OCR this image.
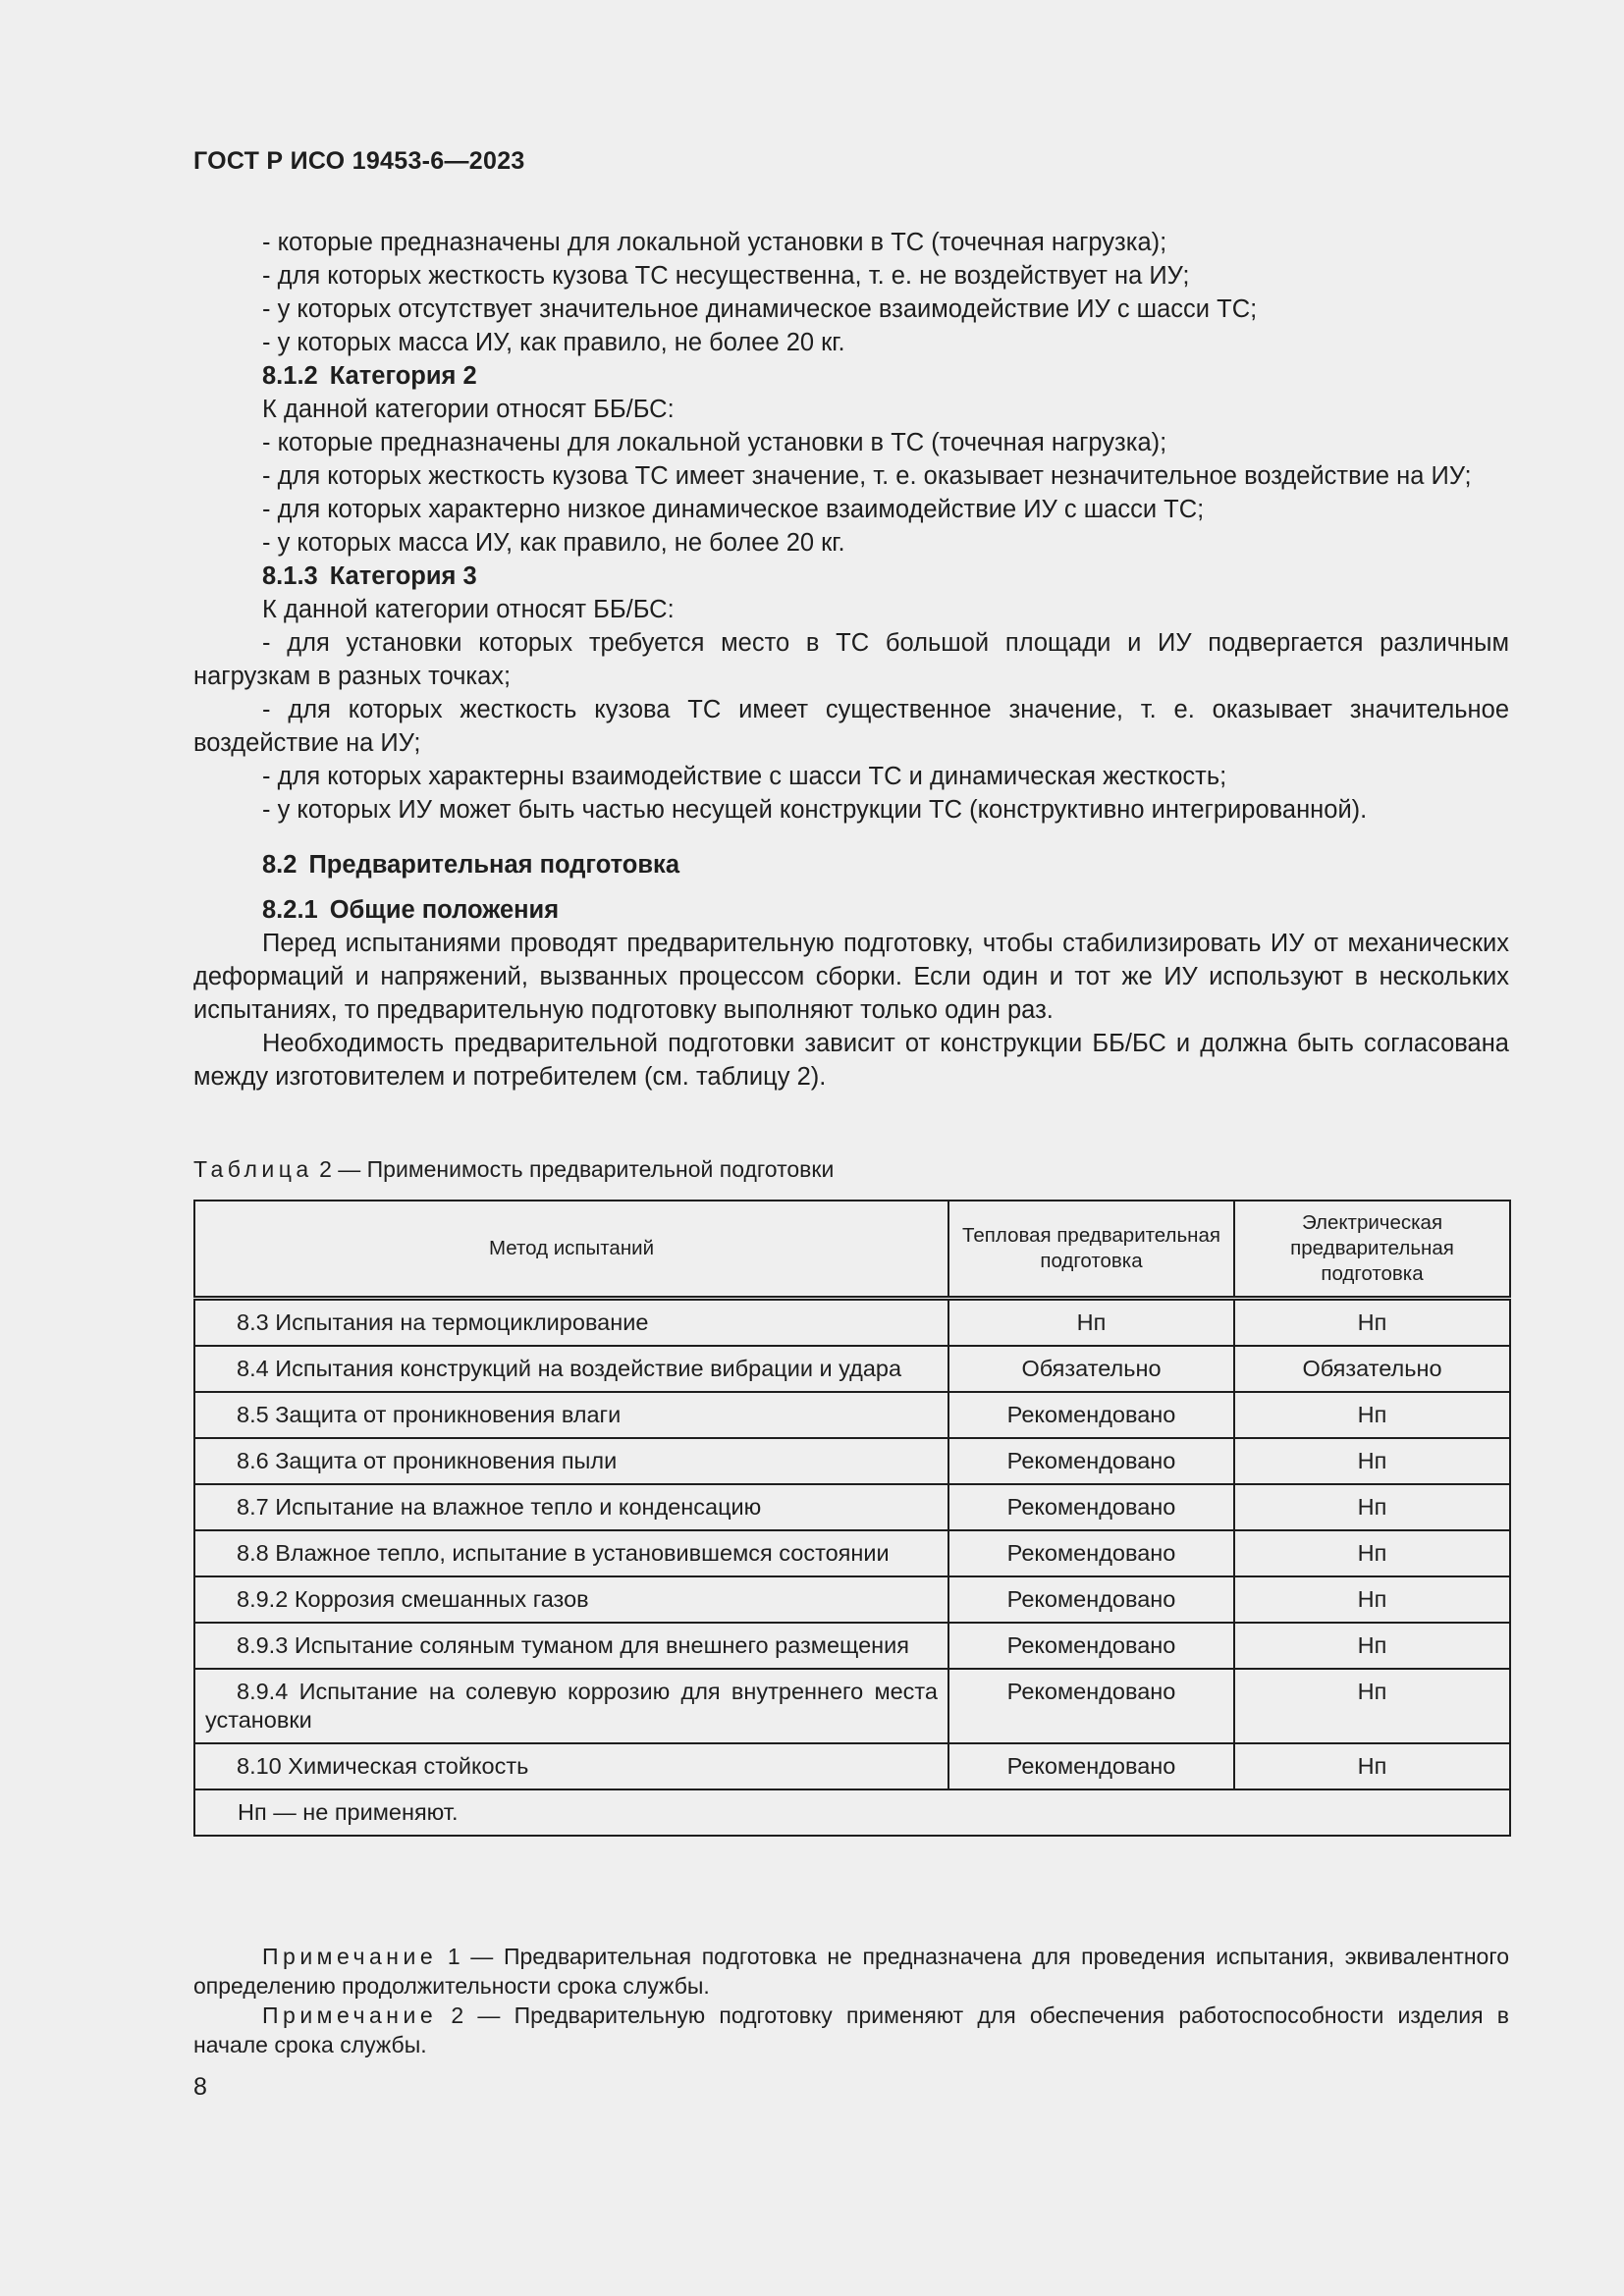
ГОСТ Р ИСО 19453-6—2023

- которые предназначены для локальной установки в ТС (точечная нагрузка);

- для которых жесткость кузова ТС несущественна, т. е. не воздействует на ИУ;

- у которых отсутствует значительное динамическое взаимодействие ИУ с шасси ТС;

- у которых масса ИУ, как правило, не более 20 кг.

8.1.2 Категория 2

К данной категории относят ББ/БС:

- которые предназначены для локальной установки в ТС (точечная нагрузка);

- для которых жесткость кузова ТС имеет значение, т. е. оказывает незначительное воздействие на ИУ;

- для которых характерно низкое динамическое взаимодействие ИУ с шасси ТС;

- у которых масса ИУ, как правило, не более 20 кг.

8.1.3 Категория 3

К данной категории относят ББ/БС:

- для установки которых требуется место в ТС большой площади и ИУ подвергается различным нагрузкам в разных точках;

- для которых жесткость кузова ТС имеет существенное значение, т. е. оказывает значительное воздействие на ИУ;

- для которых характерны взаимодействие с шасси ТС и динамическая жесткость;

- у которых ИУ может быть частью несущей конструкции ТС (конструктивно интегрированной).

8.2 Предварительная подготовка

8.2.1 Общие положения

Перед испытаниями проводят предварительную подготовку, чтобы стабилизировать ИУ от механических деформаций и напряжений, вызванных процессом сборки. Если один и тот же ИУ используют в нескольких испытаниях, то предварительную подготовку выполняют только один раз.

Необходимость предварительной подготовки зависит от конструкции ББ/БС и должна быть согласована между изготовителем и потребителем (см. таблицу 2).

Таблица 2 — Применимость предварительной подготовки
Метод испытаний	Тепловая предварительная подготовка	Электрическая предварительная подготовка
8.3 Испытания на термоциклирование	Нп	Нп
8.4 Испытания конструкций на воздействие вибрации и удара	Обязательно	Обязательно
8.5 Защита от проникновения влаги	Рекомендовано	Нп
8.6 Защита от проникновения пыли	Рекомендовано	Нп
8.7 Испытание на влажное тепло и конденсацию	Рекомендовано	Нп
8.8 Влажное тепло, испытание в установившемся состоянии	Рекомендовано	Нп
8.9.2 Коррозия смешанных газов	Рекомендовано	Нп
8.9.3 Испытание соляным туманом для внешнего размещения	Рекомендовано	Нп
8.9.4 Испытание на солевую коррозию для внутреннего места установки	Рекомендовано	Нп
8.10 Химическая стойкость	Рекомендовано	Нп
Нп — не применяют.		

Примечание 1 — Предварительная подготовка не предназначена для проведения испытания, эквивалентного определению продолжительности срока службы.

Примечание 2 — Предварительную подготовку применяют для обеспечения работоспособности изделия в начале срока службы.

8
